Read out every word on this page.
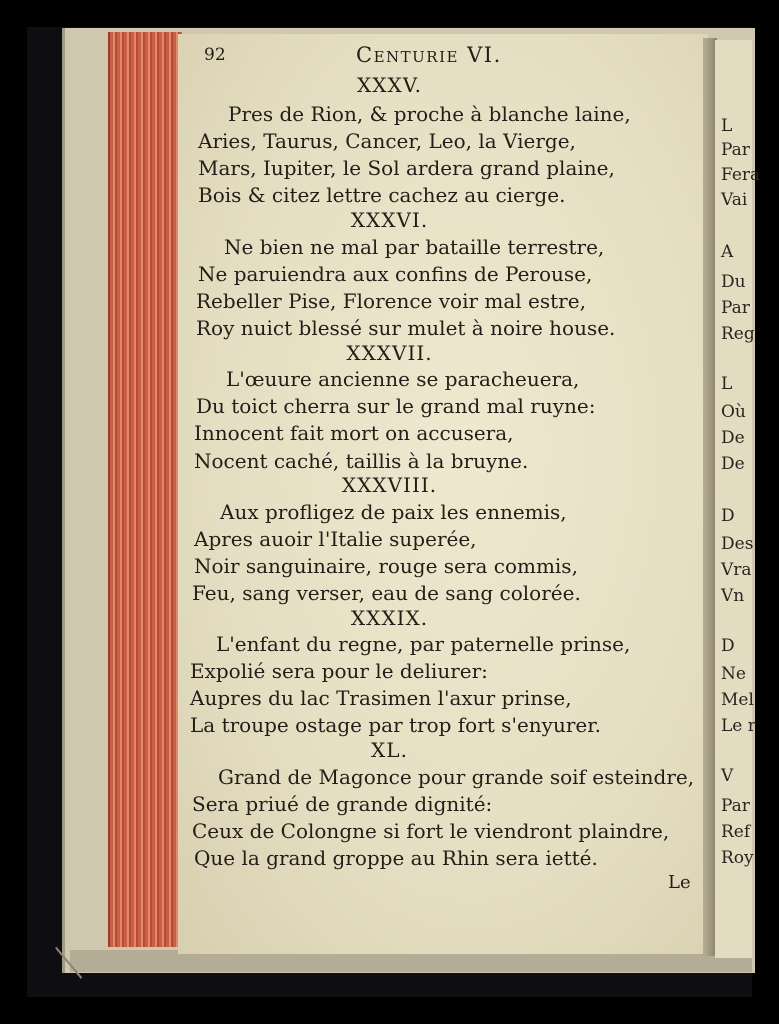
L
Par
Fera
Vai
A
Du
Par
Reg
L
Où
De
De
D
Des
Vra
Vn
D
Ne
Mel
Le r
V
Par
Ref
Roy
92	Centurie VI.
XXXV.
Pres de Rion, & proche à blanche laine,
Aries, Taurus, Cancer, Leo, la Vierge,
Mars, Iupiter, le Sol ardera grand plaine,
Bois & citez lettre cachez au cierge.
XXXVI.
Ne bien ne mal par bataille terrestre,
Ne paruiendra aux confins de Perouse,
Rebeller Pise, Florence voir mal estre,
Roy nuict blessé sur mulet à noire house.
XXXVII.
L'œuure ancienne se paracheuera,
Du toict cherra sur le grand mal ruyne:
Innocent fait mort on accusera,
Nocent caché, taillis à la bruyne.
XXXVIII.
Aux profligez de paix les ennemis,
Apres auoir l'Italie superée,
Noir sanguinaire, rouge sera commis,
Feu, sang verser, eau de sang colorée.
XXXIX.
L'enfant du regne, par paternelle prinse,
Expolié sera pour le deliurer:
Aupres du lac Trasimen l'axur prinse,
La troupe ostage par trop fort s'enyurer.
XL.
Grand de Magonce pour grande soif esteindre,
Sera priué de grande dignité:
Ceux de Colongne si fort le viendront plaindre,
Que la grand groppe au Rhin sera ietté.
Le
